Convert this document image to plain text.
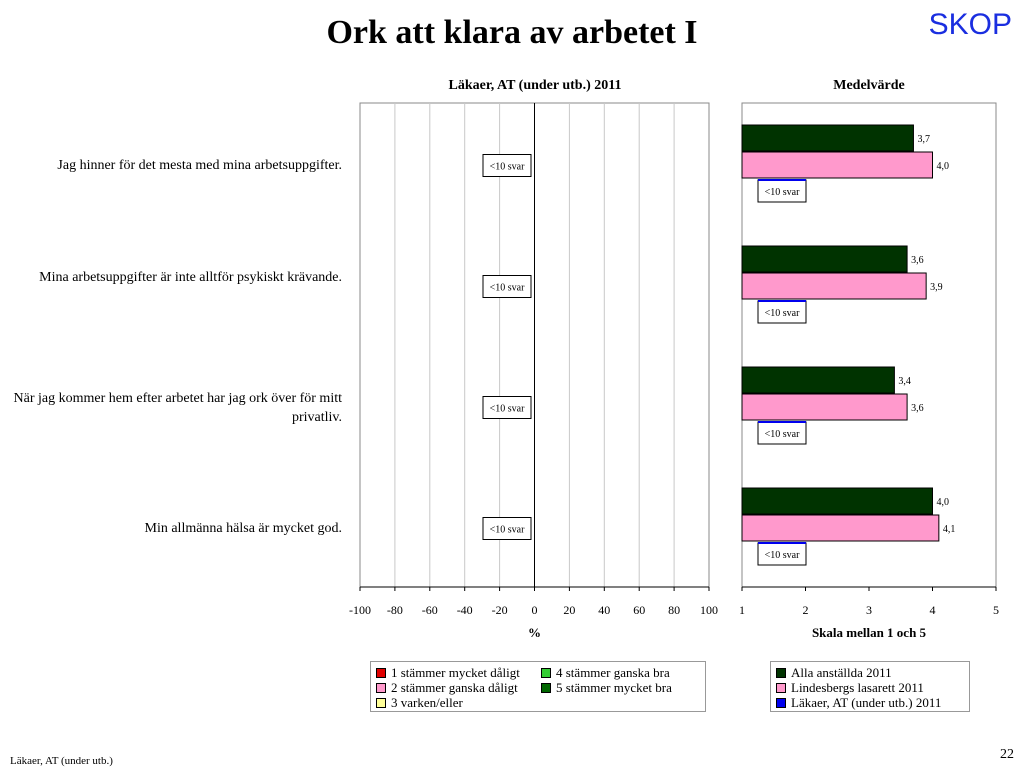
Ork att klara av arbetet I	SKOP
Läkaer, AT (under utb.) 2011	Medelvärde
Jag hinner för det mesta med mina arbetsuppgifter.
Mina arbetsuppgifter är inte alltför psykiskt krävande.
När jag kommer hem efter arbetet har jag ork över för mitt privatliv.
Min allmänna hälsa är mycket god.
-100 -80 -60 -40 -20 0 20 40 60 80 100
%
<10 svar
<10 svar
<10 svar
<10 svar
1	2	3	4	5
Skala mellan 1 och 5
3,7
4,0
<10 svar
3,6
3,9
<10 svar
3,4
3,6
<10 svar
4,0
4,1
<10 svar
1 stämmer mycket dåligt
2 stämmer ganska dåligt
3 varken/eller
4 stämmer ganska bra
5 stämmer mycket bra
Alla anställda 2011
Lindesbergs lasarett 2011
Läkaer, AT (under utb.) 2011
Läkaer, AT (under utb.)	22
